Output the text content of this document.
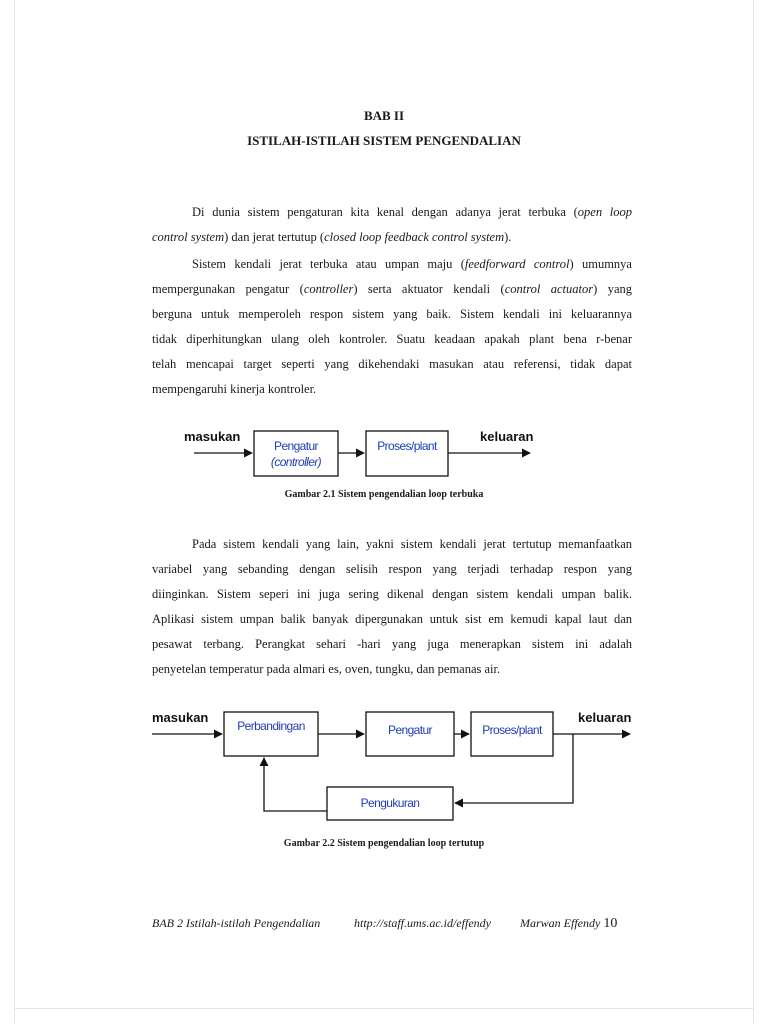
BAB II
ISTILAH-ISTILAH SISTEM PENGENDALIAN
Di dunia sistem pengaturan kita kenal dengan adanya jerat terbuka (open loop
control system) dan jerat tertutup (closed loop feedback control system).
Sistem kendali jerat terbuka atau umpan maju (feedforward control) umumnya
mempergunakan pengatur (controller) serta aktuator kendali (control actuator) yang
berguna untuk memperoleh respon sistem yang baik. Sistem kendali ini keluarannya
tidak diperhitungkan ulang oleh kontroler. Suatu keadaan apakah plant bena r-benar
telah mencapai target seperti yang dikehendaki masukan atau referensi, tidak dapat
mempengaruhi kinerja kontroler.
masukan	keluaran
Pengatur
(controller)
Proses/plant
Gambar 2.1 Sistem pengendalian loop terbuka
Pada sistem kendali yang lain, yakni sistem kendali jerat tertutup memanfaatkan
variabel yang sebanding dengan selisih respon yang terjadi terhadap respon yang
diinginkan. Sistem seperi ini juga sering dikenal dengan sistem kendali umpan balik.
Aplikasi sistem umpan balik banyak dipergunakan untuk sist em kemudi kapal laut dan
pesawat terbang. Perangkat sehari -hari yang juga menerapkan sistem ini adalah
penyetelan temperatur pada almari es, oven, tungku, dan pemanas air.
masukan	keluaran
Perbandingan	Pengatur	Proses/plant
Pengukuran
Gambar 2.2 Sistem pengendalian loop tertutup
BAB 2 Istilah-istilah Pengendalian	http://staff.ums.ac.id/effendy Marwan Effendy 10
